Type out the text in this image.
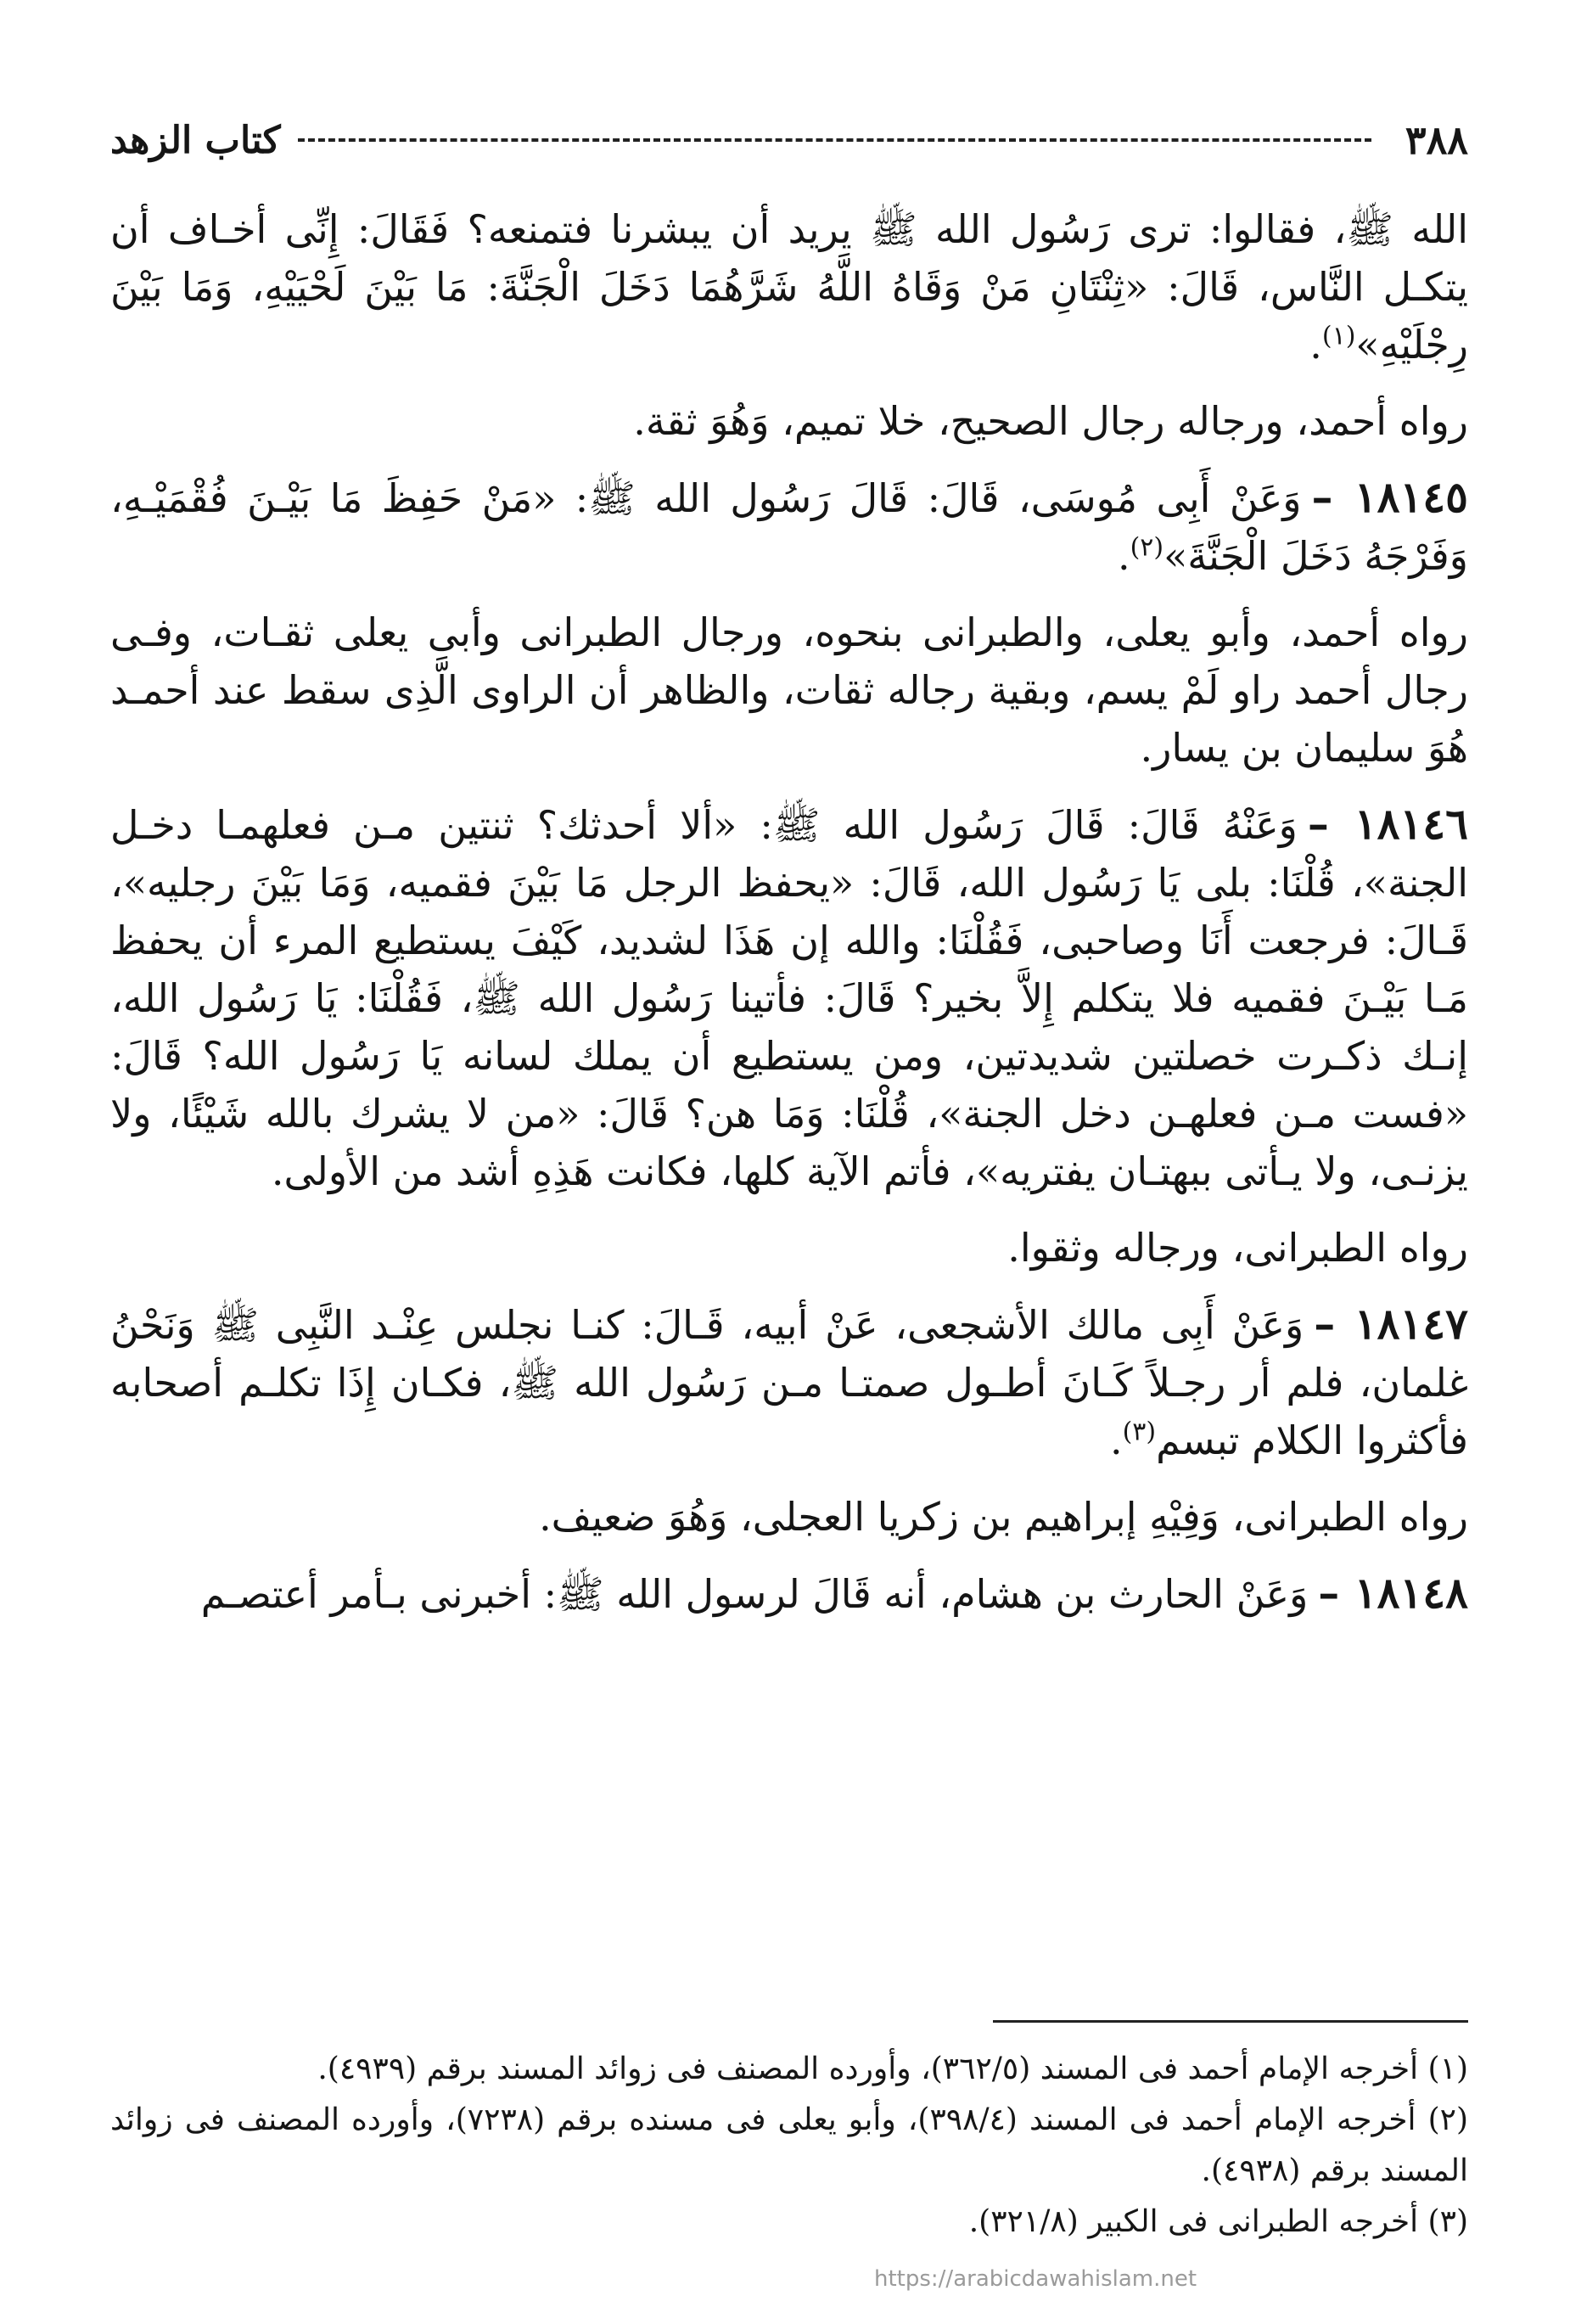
٣٨٨
كتاب الزهد

الله ﷺ، فقالوا: ترى رَسُول الله ﷺ يريد أن يبشرنا فتمنعه؟ فَقَالَ: إِنِّى أخـاف أن يتكـل النَّاس، قَالَ: «ثِنْتَانِ مَنْ وَقَاهُ اللَّهُ شَرَّهُمَا دَخَلَ الْجَنَّةَ: مَا بَيْنَ لَحْيَيْهِ، وَمَا بَيْنَ رِجْلَيْهِ»$^{(١)}$.

رواه أحمد، ورجاله رجال الصحيح، خلا تميم، وَهُوَ ثقة.

١٨١٤٥ –وَعَنْ أَبِى مُوسَى، قَالَ: قَالَ رَسُول الله ﷺ: «مَنْ حَفِظَ مَا بَيْـنَ فُقْمَيْـهِ، وَفَرْجَهُ دَخَلَ الْجَنَّةَ»$^{(٢)}$.

رواه أحمد، وأبو يعلى، والطبرانى بنحوه، ورجال الطبرانى وأبى يعلى ثقـات، وفـى رجال أحمد راو لَمْ يسم، وبقية رجاله ثقات، والظاهر أن الراوى الَّذِى سقط عند أحمـد هُوَ سليمان بن يسار.

١٨١٤٦ –وَعَنْهُ قَالَ: قَالَ رَسُول الله ﷺ: «ألا أحدثك؟ ثنتين مـن فعلهمـا دخـل الجنة»، قُلْنَا: بلى يَا رَسُول الله، قَالَ: «يحفظ الرجل مَا بَيْنَ فقميه، وَمَا بَيْنَ رجليه»، قَـالَ: فرجعت أَنَا وصاحبى، فَقُلْنَا: والله إن هَذَا لشديد، كَيْفَ يستطيع المرء أن يحفظ مَـا بَيْـنَ فقميه فلا يتكلم إِلاَّ بخير؟ قَالَ: فأتينا رَسُول الله ﷺ، فَقُلْنَا: يَا رَسُول الله، إنـك ذكـرت خصلتين شديدتين، ومن يستطيع أن يملك لسانه يَا رَسُول الله؟ قَالَ: «فست مـن فعلهـن دخل الجنة»، قُلْنَا: وَمَا هن؟ قَالَ: «من لا يشرك بالله شَيْئًا، ولا يزنـى، ولا يـأتى ببهتـان يفتريه»، فأتم الآية كلها، فكانت هَذِهِ أشد من الأولى.

رواه الطبرانى، ورجاله وثقوا.

١٨١٤٧ –وَعَنْ أَبِى مالك الأشجعى، عَنْ أبيه، قَـالَ: كنـا نجلس عِنْـد النَّبِى ﷺ وَنَحْنُ غلمان، فلم أر رجـلاً كَـانَ أطـول صمتـا مـن رَسُول الله ﷺ، فكـان إِذَا تكلـم أصحابه فأكثروا الكلام تبسم$^{(٣)}$.

رواه الطبرانى، وَفِيْهِ إبراهيم بن زكريا العجلى، وَهُوَ ضعيف.

١٨١٤٨ –وَعَنْ الحارث بن هشام، أنه قَالَ لرسول الله ﷺ: أخبرنى بـأمر أعتصـم

(١) أخرجه الإمام أحمد فى المسند (٣٦٢/٥)، وأورده المصنف فى زوائد المسند برقم (٤٩٣٩).

(٢) أخرجه الإمام أحمد فى المسند (٣٩٨/٤)، وأبو يعلى فى مسنده برقم (٧٢٣٨)، وأورده المصنف فى زوائد المسند برقم (٤٩٣٨).

(٣) أخرجه الطبرانى فى الكبير (٣٢١/٨).

https://arabicdawahislam.net
